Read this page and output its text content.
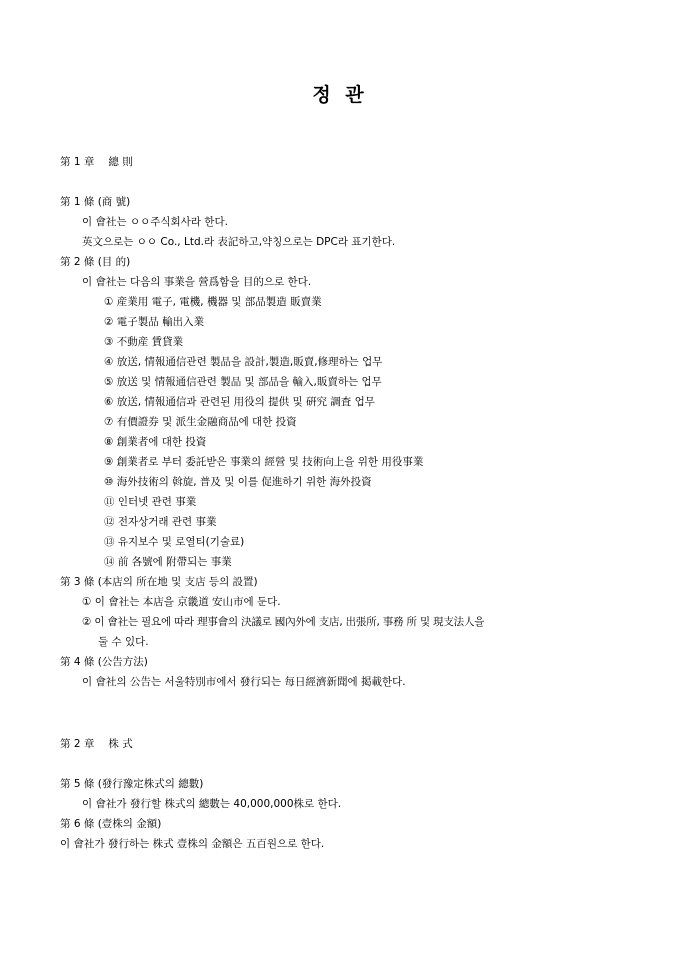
정 관
第 1 章 總 則
第 1 條 (商 號)
이 會社는 ㅇㅇ주식회사라 한다.
英文으로는 ㅇㅇ Co., Ltd.라 表記하고,약칭으로는 DPC라 표기한다.
第 2 條 (目 的)
이 會社는 다음의 事業을 營爲함을 目的으로 한다.
① 産業用 電子, 電機, 機器 및 部品製造 販賣業
② 電子製品 輸出入業
③ 不動産 賃貸業
④ 放送, 情報通信관련 製品을 設計,製造,販賣,修理하는 업무
⑤ 放送 및 情報通信관련 製品 및 部品을 輸入,販賣하는 업무
⑥ 放送, 情報通信과 관련된 用役의 提供 및 硏究 調査 업무
⑦ 有價證券 및 派生金融商品에 대한 投資
⑧ 創業者에 대한 投資
⑨ 創業者로 부터 委託받은 事業의 經營 및 技術向上을 위한 用役事業
⑩ 海外技術의 斡旋, 普及 및 이를 促進하기 위한 海外投資
⑪ 인터넷 관련 事業
⑫ 전자상거래 관련 事業
⑬ 유지보수 및 로열티(기술료)
⑭ 前 各號에 附帶되는 事業
第 3 條 (本店의 所在地 및 支店 등의 設置)
① 이 會社는 本店을 京畿道 安山市에 둔다.
② 이 會社는 필요에 따라 理事會의 決議로 國內外에 支店, 出張所, 事務 所 및 現支法人을
둘 수 있다.
第 4 條 (公告方法)
이 會社의 公告는 서울特別市에서 發行되는 每日經濟新聞에 掲載한다.
第 2 章 株 式
第 5 條 (發行豫定株式의 總數)
이 會社가 發行할 株式의 總數는 40,000,000株로 한다.
第 6 條 (壹株의 金額)
이 會社가 發行하는 株式 壹株의 金額은 五百원으로 한다.
